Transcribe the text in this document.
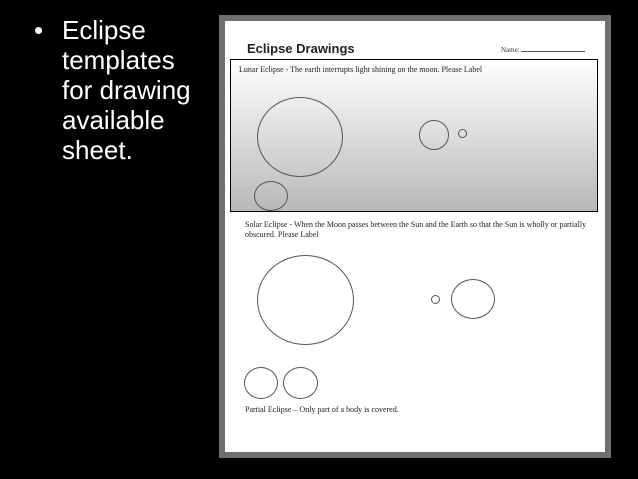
• Eclipse
templates
for drawing
available
sheet.
Eclipse Drawings	Name:
Lunar Eclipse - The earth interrupts light shining on the moon. Please Label
Solar Eclipse - When the Moon passes between the Sun and the Earth so that the Sun is wholly or partially obscured. Please Label
Partial Eclipse – Only part of a body is covered.
